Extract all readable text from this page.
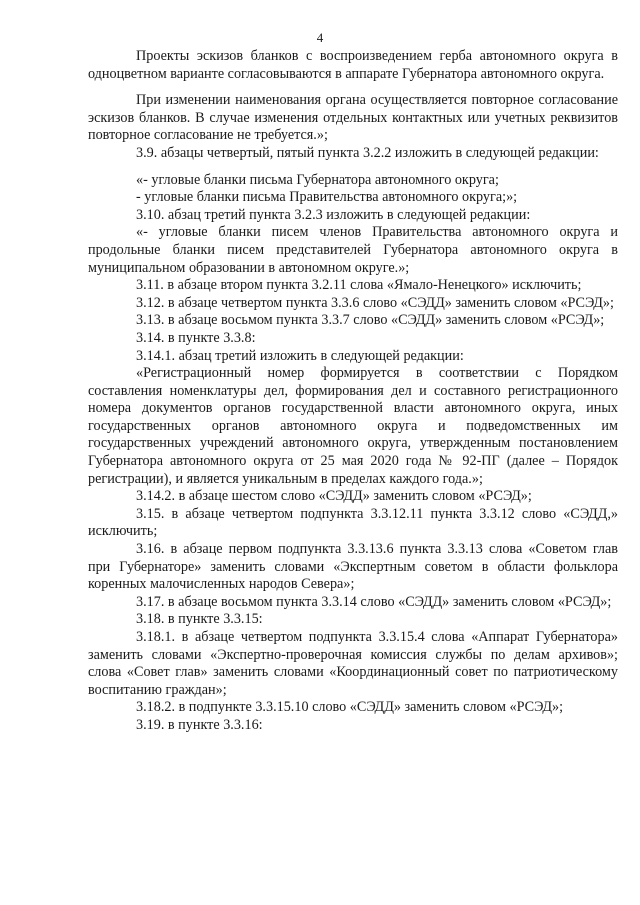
4

Проекты эскизов бланков с воспроизведением герба автономного округа в одноцветном варианте согласовываются в аппарате Губернатора автономного округа.

При изменении наименования органа осуществляется повторное согласование эскизов бланков. В случае изменения отдельных контактных или учетных реквизитов повторное согласование не требуется.»;

3.9. абзацы четвертый, пятый пункта 3.2.2 изложить в следующей редакции:

«- угловые бланки письма Губернатора автономного округа;

- угловые бланки письма Правительства автономного округа;»;

3.10. абзац третий пункта 3.2.3 изложить в следующей редакции:

«- угловые бланки писем членов Правительства автономного округа и продольные бланки писем представителей Губернатора автономного округа в муниципальном образовании в автономном округе.»;

3.11. в абзаце втором пункта 3.2.11 слова «Ямало-Ненецкого» исключить;

3.12. в абзаце четвертом пункта 3.3.6 слово «СЭДД» заменить словом «РСЭД»;

3.13. в абзаце восьмом пункта 3.3.7 слово «СЭДД» заменить словом «РСЭД»;

3.14. в пункте 3.3.8:

3.14.1. абзац третий изложить в следующей редакции:

«Регистрационный номер формируется в соответствии с Порядком составления номенклатуры дел, формирования дел и составного регистрационного номера документов органов государственной власти автономного округа, иных государственных органов автономного округа и подведомственных им государственных учреждений автономного округа, утвержденным постановлением Губернатора автономного округа от 25 мая 2020 года № 92-ПГ (далее – Порядок регистрации), и является уникальным в пределах каждого года.»;

3.14.2. в абзаце шестом слово «СЭДД» заменить словом «РСЭД»;

3.15. в абзаце четвертом подпункта 3.3.12.11 пункта 3.3.12 слово «СЭДД,» исключить;

3.16. в абзаце первом подпункта 3.3.13.6 пункта 3.3.13 слова «Советом глав при Губернаторе» заменить словами «Экспертным советом в области фольклора коренных малочисленных народов Севера»;

3.17. в абзаце восьмом пункта 3.3.14 слово «СЭДД» заменить словом «РСЭД»;

3.18. в пункте 3.3.15:

3.18.1. в абзаце четвертом подпункта 3.3.15.4 слова «Аппарат Губернатора» заменить словами «Экспертно-проверочная комиссия службы по делам архивов»; слова «Совет глав» заменить словами «Координационный совет по патриотическому воспитанию граждан»;

3.18.2. в подпункте 3.3.15.10 слово «СЭДД» заменить словом «РСЭД»;

3.19. в пункте 3.3.16:
